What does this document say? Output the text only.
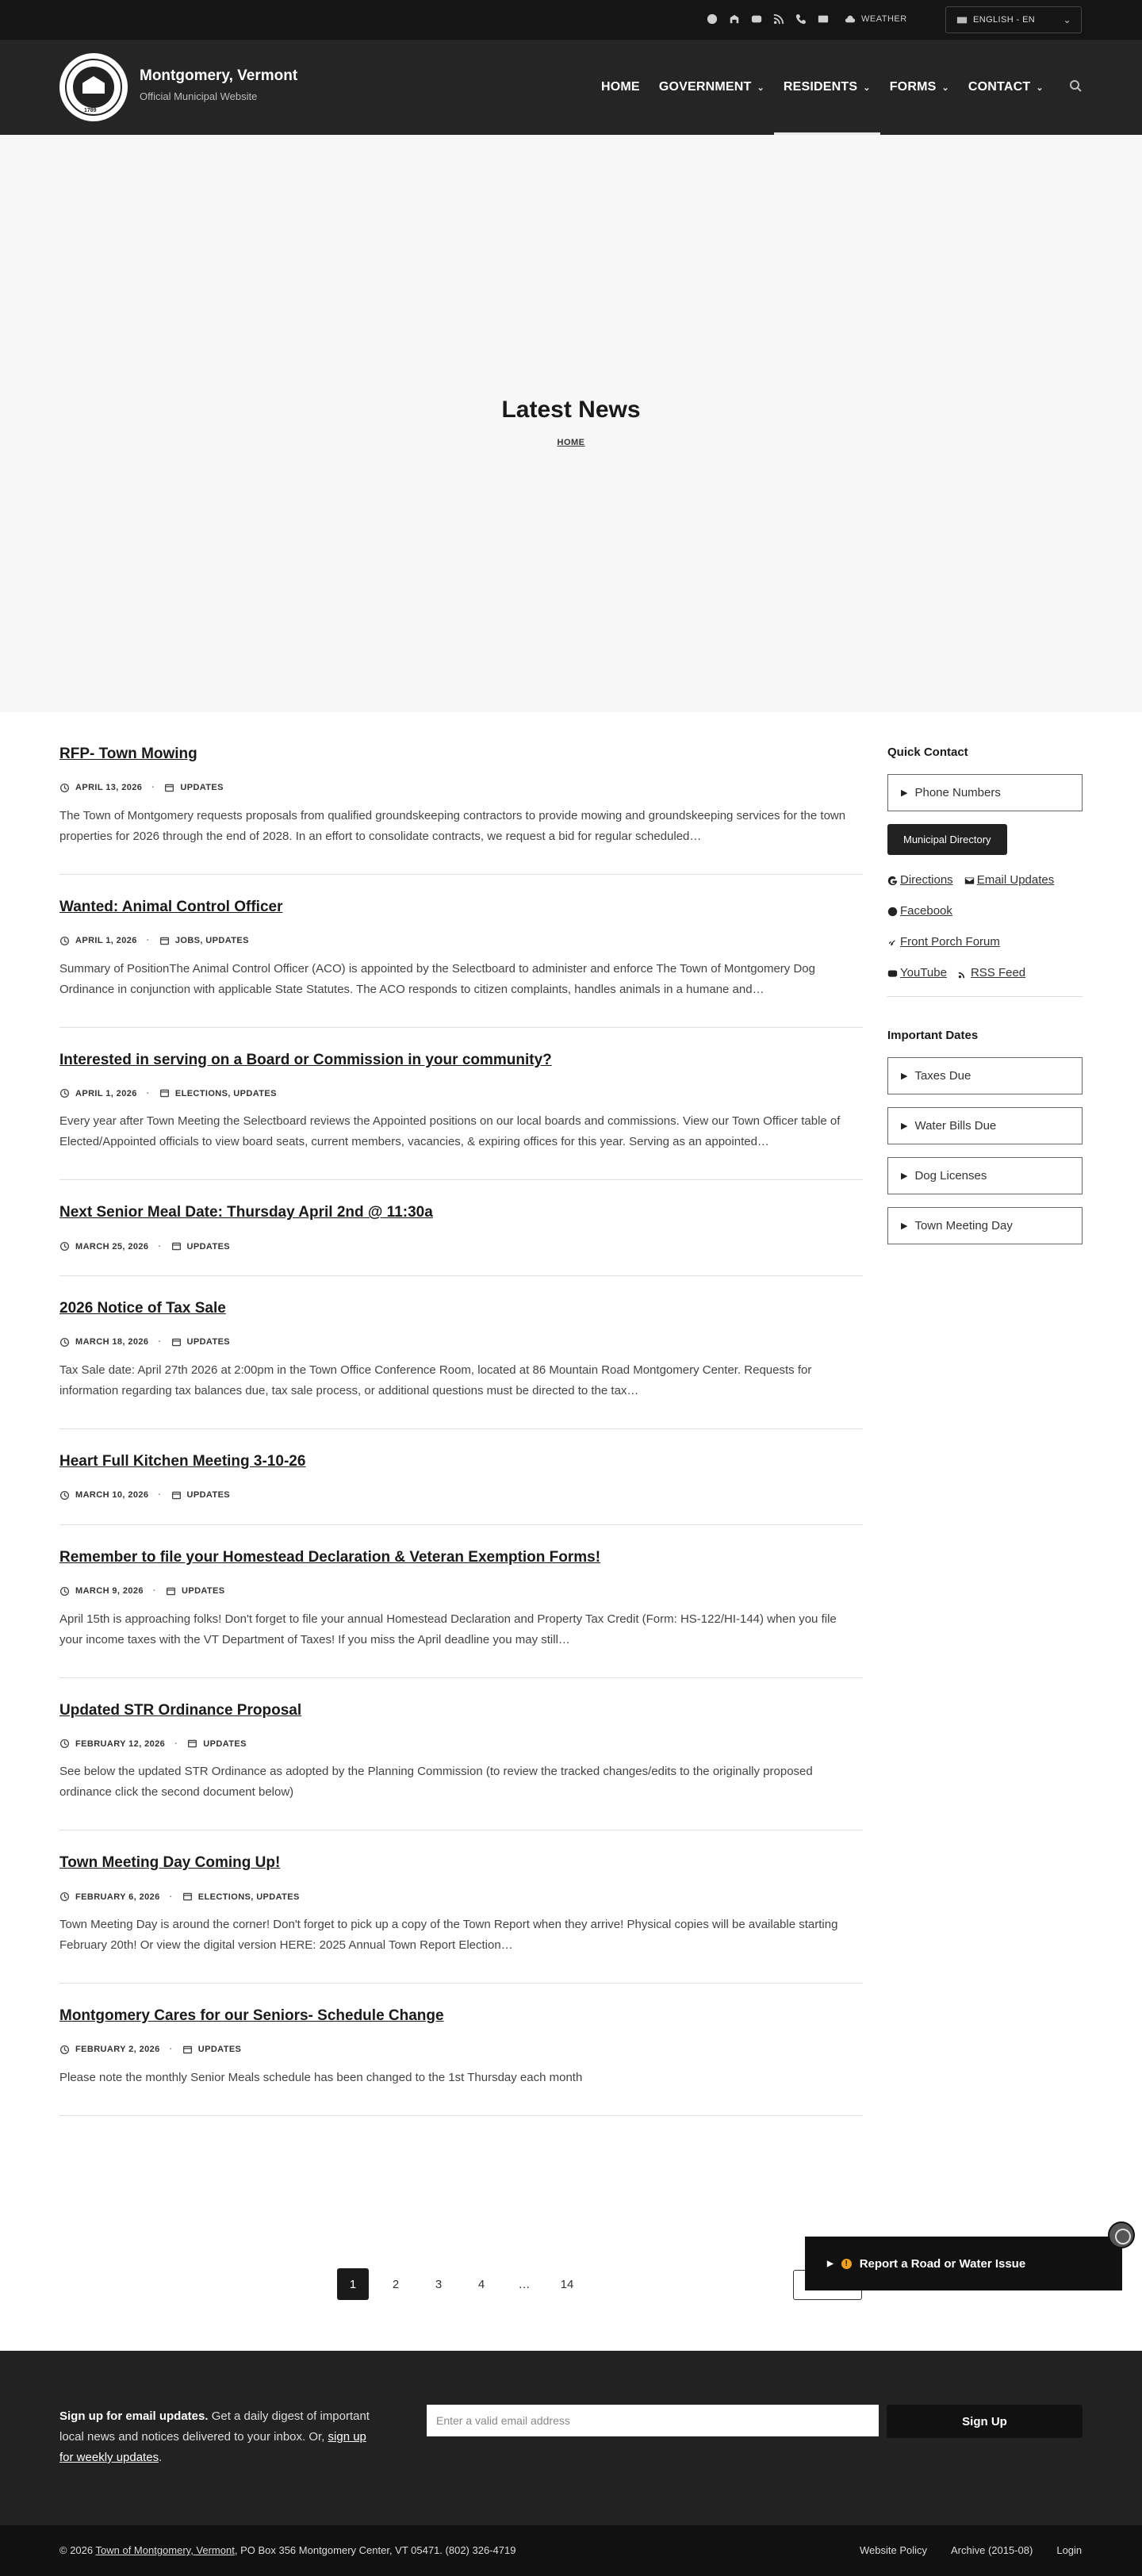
WEATHER	ENGLISH - EN	⌄
1789
Montgomery, Vermont
Official Municipal Website
HOME GOVERNMENT ⌄ RESIDENTS ⌄ FORMS ⌄ CONTACT ⌄
Latest News
HOME
RFP- Town Mowing
APRIL 13, 2026 ·	UPDATES

The Town of Montgomery requests proposals from qualified groundskeeping contractors to provide mowing and groundskeeping services for the town properties for 2026 through the end of 2028. In an effort to consolidate contracts, we request a bid for regular scheduled…

Wanted: Animal Control Officer
APRIL 1, 2026 ·	JOBS, UPDATES

Summary of PositionThe Animal Control Officer (ACO) is appointed by the Selectboard to administer and enforce The Town of Montgomery Dog Ordinance in conjunction with applicable State Statutes. The ACO responds to citizen complaints, handles animals in a humane and…

Interested in serving on a Board or Commission in your community?
APRIL 1, 2026 ·	ELECTIONS, UPDATES

Every year after Town Meeting the Selectboard reviews the Appointed positions on our local boards and commissions. View our Town Officer table of Elected/Appointed officials to view board seats, current members, vacancies, & expiring offices for this year. Serving as an appointed…

Next Senior Meal Date: Thursday April 2nd @ 11:30a
MARCH 25, 2026 ·	UPDATES
2026 Notice of Tax Sale
MARCH 18, 2026 ·	UPDATES

Tax Sale date: April 27th 2026 at 2:00pm in the Town Office Conference Room, located at 86 Mountain Road Montgomery Center. Requests for information regarding tax balances due, tax sale process, or additional questions must be directed to the tax…

Heart Full Kitchen Meeting 3-10-26
MARCH 10, 2026 ·	UPDATES
Remember to file your Homestead Declaration & Veteran Exemption Forms!
MARCH 9, 2026 ·	UPDATES

April 15th is approaching folks! Don't forget to file your annual Homestead Declaration and Property Tax Credit (Form: HS-122/HI-144) when you file your income taxes with the VT Department of Taxes! If you miss the April deadline you may still…

Updated STR Ordinance Proposal
FEBRUARY 12, 2026 ·	UPDATES

See below the updated STR Ordinance as adopted by the Planning Commission (to review the tracked changes/edits to the originally proposed ordinance click the second document below)

Town Meeting Day Coming Up!
FEBRUARY 6, 2026 ·	ELECTIONS, UPDATES

Town Meeting Day is around the corner! Don't forget to pick up a copy of the Town Report when they arrive! Physical copies will be available starting February 20th! Or view the digital version HERE: 2025 Annual Town Report Election…

Montgomery Cares for our Seniors- Schedule Change
FEBRUARY 2, 2026 ·	UPDATES

Please note the monthly Senior Meals schedule has been changed to the 1st Thursday each month

1	2	3	4	…	14
Quick Contact
▶ Phone Numbers
Municipal Directory
Directions Email Updates
Facebook
Front Porch Forum
YouTube RSS Feed
Important Dates
▶ Taxes Due
▶ Water Bills Due
▶ Dog Licenses
▶ Town Meeting Day
▶	! Report a Road or Water Issue
Sign up for email updates. Get a daily digest of important local news and notices delivered to your inbox. Or, sign up for weekly updates.
Enter a valid email address
Sign Up
© 2026 Town of Montgomery, Vermont, PO Box 356 Montgomery Center, VT 05471. (802) 326-4719	Website Policy Archive (2015-08) Login
